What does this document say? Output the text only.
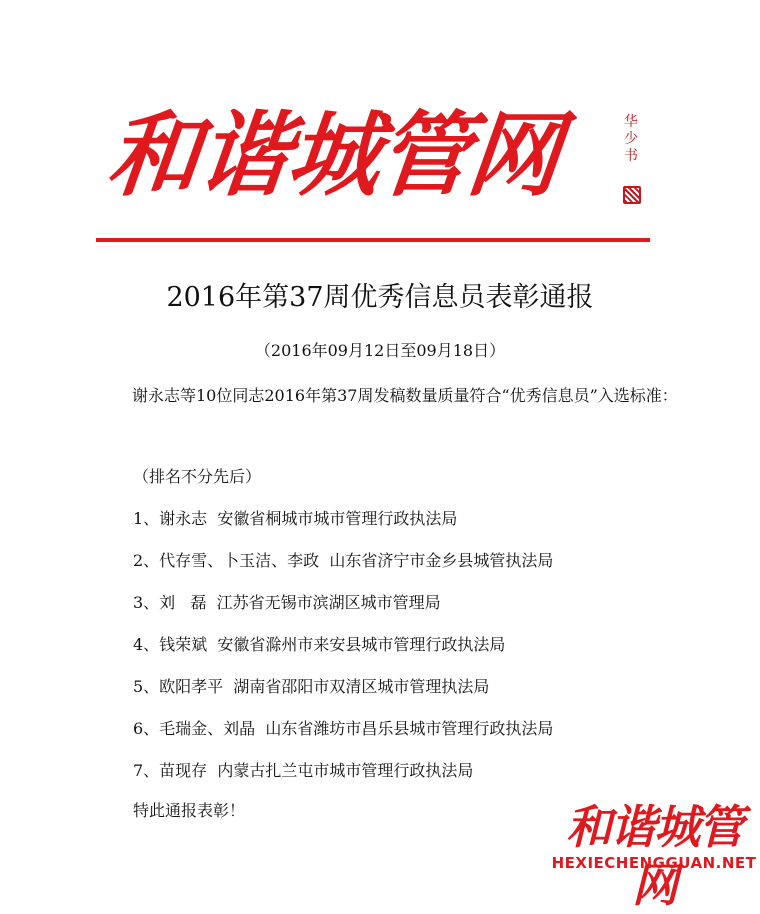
和谐城管网	华少书
2016年第37周优秀信息员表彰通报
（2016年09月12日至09月18日）
谢永志等10位同志2016年第37周发稿数量质量符合“优秀信息员”入选标准：
（排名不分先后）
1、谢永志  安徽省桐城市城市管理行政执法局
2、代存雪、卜玉洁、李政  山东省济宁市金乡县城管执法局
3、刘   磊  江苏省无锡市滨湖区城市管理局
4、钱荣斌  安徽省滁州市来安县城市管理行政执法局
5、欧阳孝平  湖南省邵阳市双清区城市管理执法局
6、毛瑞金、刘晶  山东省潍坊市昌乐县城市管理行政执法局
7、苗现存  内蒙古扎兰屯市城市管理行政执法局
特此通报表彰！	和谐城管网
HEXIECHENGGUAN.NET
